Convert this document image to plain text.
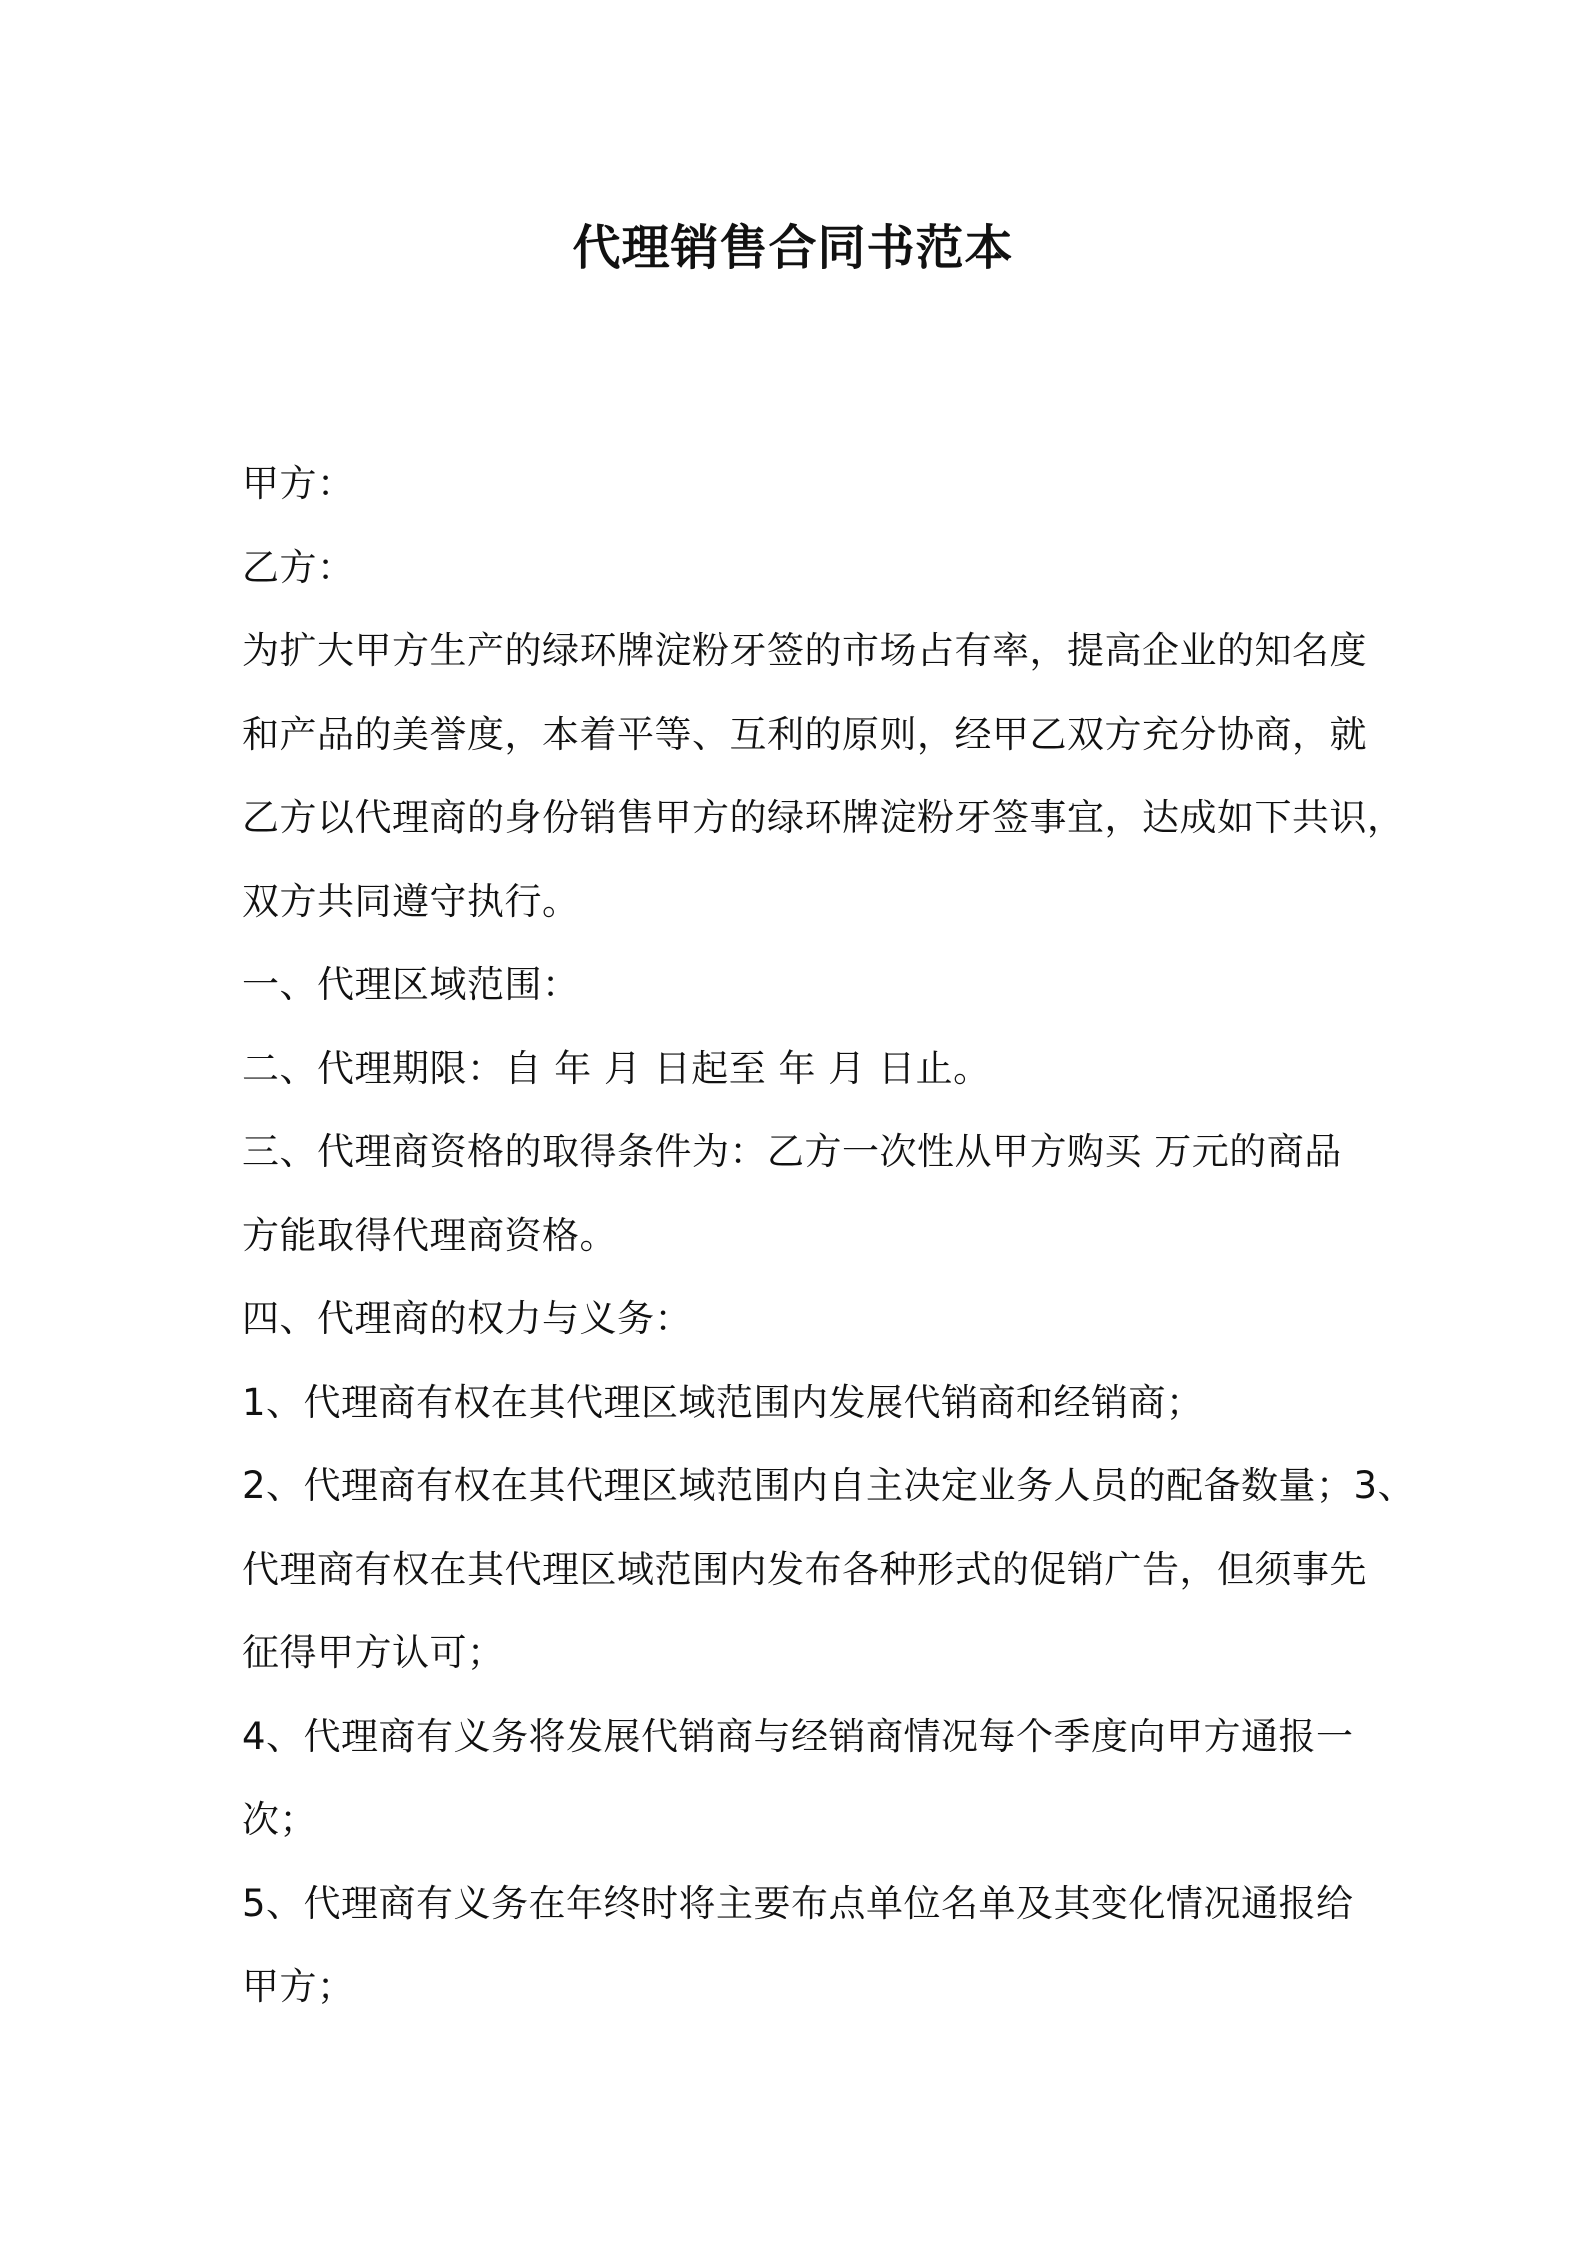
代理销售合同书范本

甲方：

乙方：

为扩大甲方生产的绿环牌淀粉牙签的市场占有率，提高企业的知名度

和产品的美誉度，本着平等、互利的原则，经甲乙双方充分协商，就

乙方以代理商的身份销售甲方的绿环牌淀粉牙签事宜，达成如下共识，

双方共同遵守执行。

一、代理区域范围：

二、代理期限：自 年 月 日起至 年 月 日止。

三、代理商资格的取得条件为：乙方一次性从甲方购买 万元的商品

方能取得代理商资格。

四、代理商的权力与义务：

1、代理商有权在其代理区域范围内发展代销商和经销商；

2、代理商有权在其代理区域范围内自主决定业务人员的配备数量；3、

代理商有权在其代理区域范围内发布各种形式的促销广告，但须事先

征得甲方认可；

4、代理商有义务将发展代销商与经销商情况每个季度向甲方通报一

次；

5、代理商有义务在年终时将主要布点单位名单及其变化情况通报给

甲方；
